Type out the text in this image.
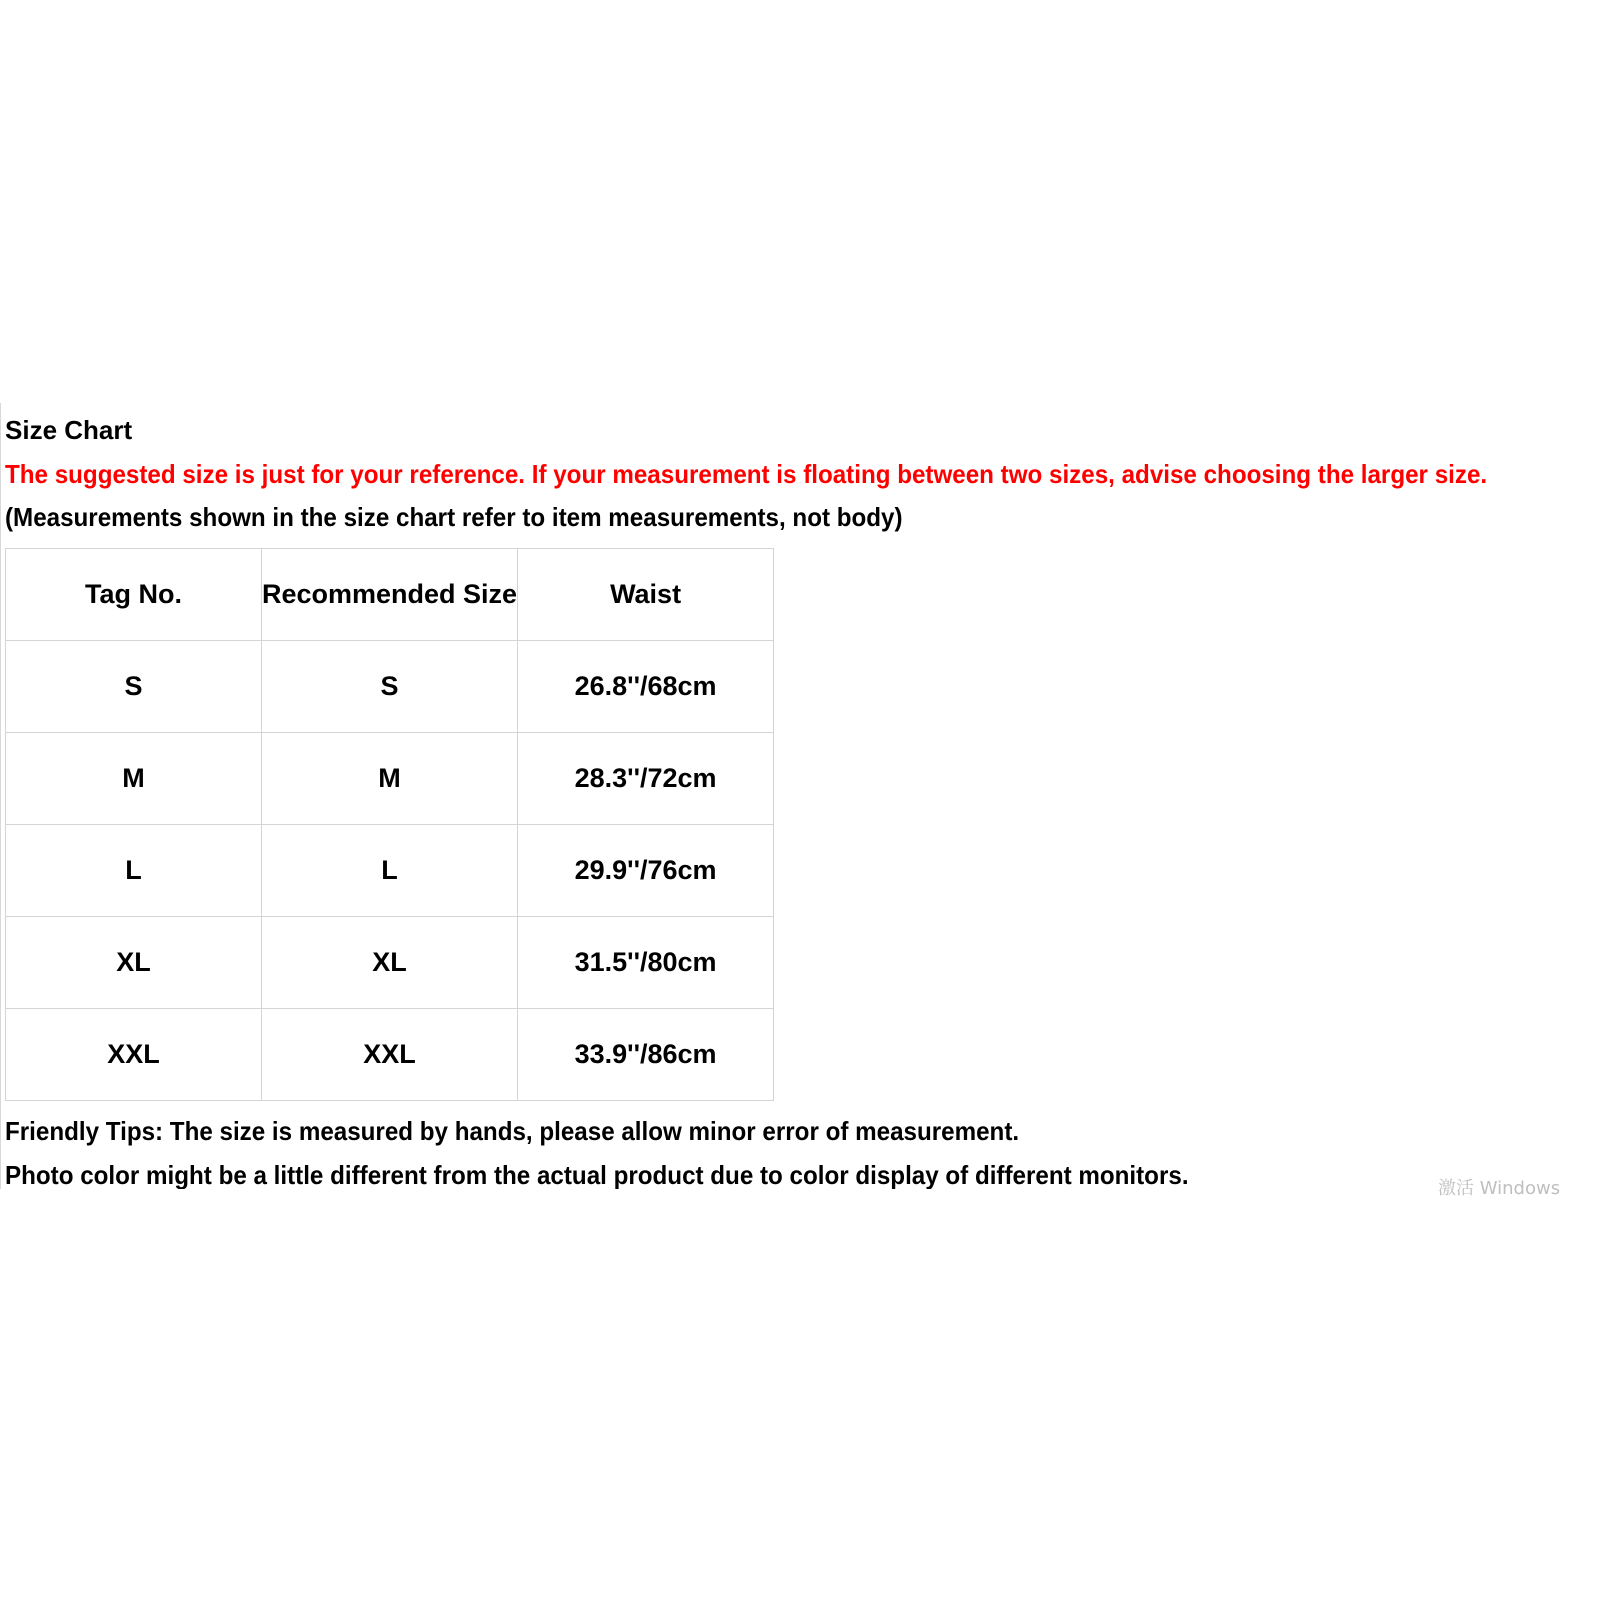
Size Chart
The suggested size is just for your reference. If your measurement is floating between two sizes, advise choosing the larger size.
(Measurements shown in the size chart refer to item measurements, not body)
Tag No.	Recommended Size	Waist
S	S	26.8''/68cm
M	M	28.3''/72cm
L	L	29.9''/76cm
XL	XL	31.5''/80cm
XXL	XXL	33.9''/86cm
Friendly Tips: The size is measured by hands, please allow minor error of measurement.
Photo color might be a little different from the actual product due to color display of different monitors.	激活 Windows
